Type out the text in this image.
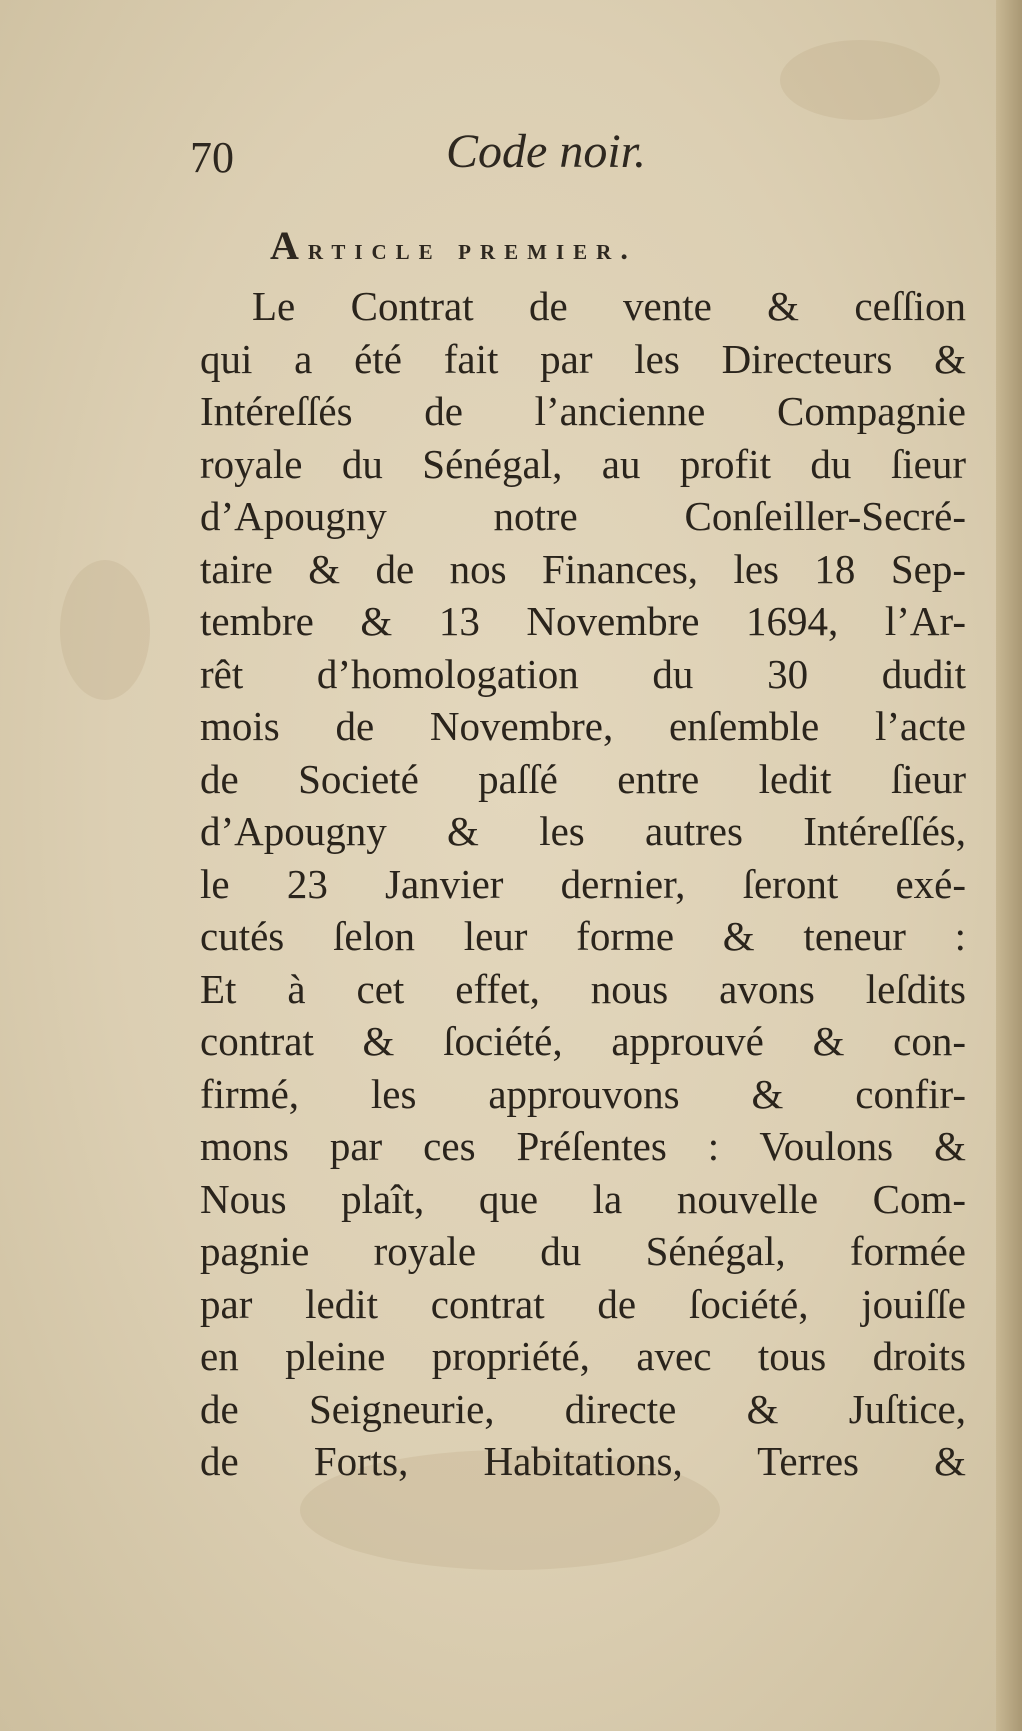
70	Code noir.
Article premier.
Le Contrat de vente & ceſſion
qui a été fait par les Directeurs &
Intéreſſés de l’ancienne Compagnie
royale du Sénégal, au profit du ſieur
d’Apougny notre Conſeiller-Secré-
taire & de nos Finances, les 18 Sep-
tembre & 13 Novembre 1694, l’Ar-
rêt d’homologation du 30 dudit
mois de Novembre, enſemble l’acte
de Societé paſſé entre ledit ſieur
d’Apougny & les autres Intéreſſés,
le 23 Janvier dernier, ſeront exé-
cutés ſelon leur forme & teneur :
Et à cet effet, nous avons leſdits
contrat & ſociété, approuvé & con-
firmé, les approuvons & confir-
mons par ces Préſentes : Voulons &
Nous plaît, que la nouvelle Com-
pagnie royale du Sénégal, formée
par ledit contrat de ſociété, jouiſſe
en pleine propriété, avec tous droits
de Seigneurie, directe & Juſtice,
de Forts, Habitations, Terres &
